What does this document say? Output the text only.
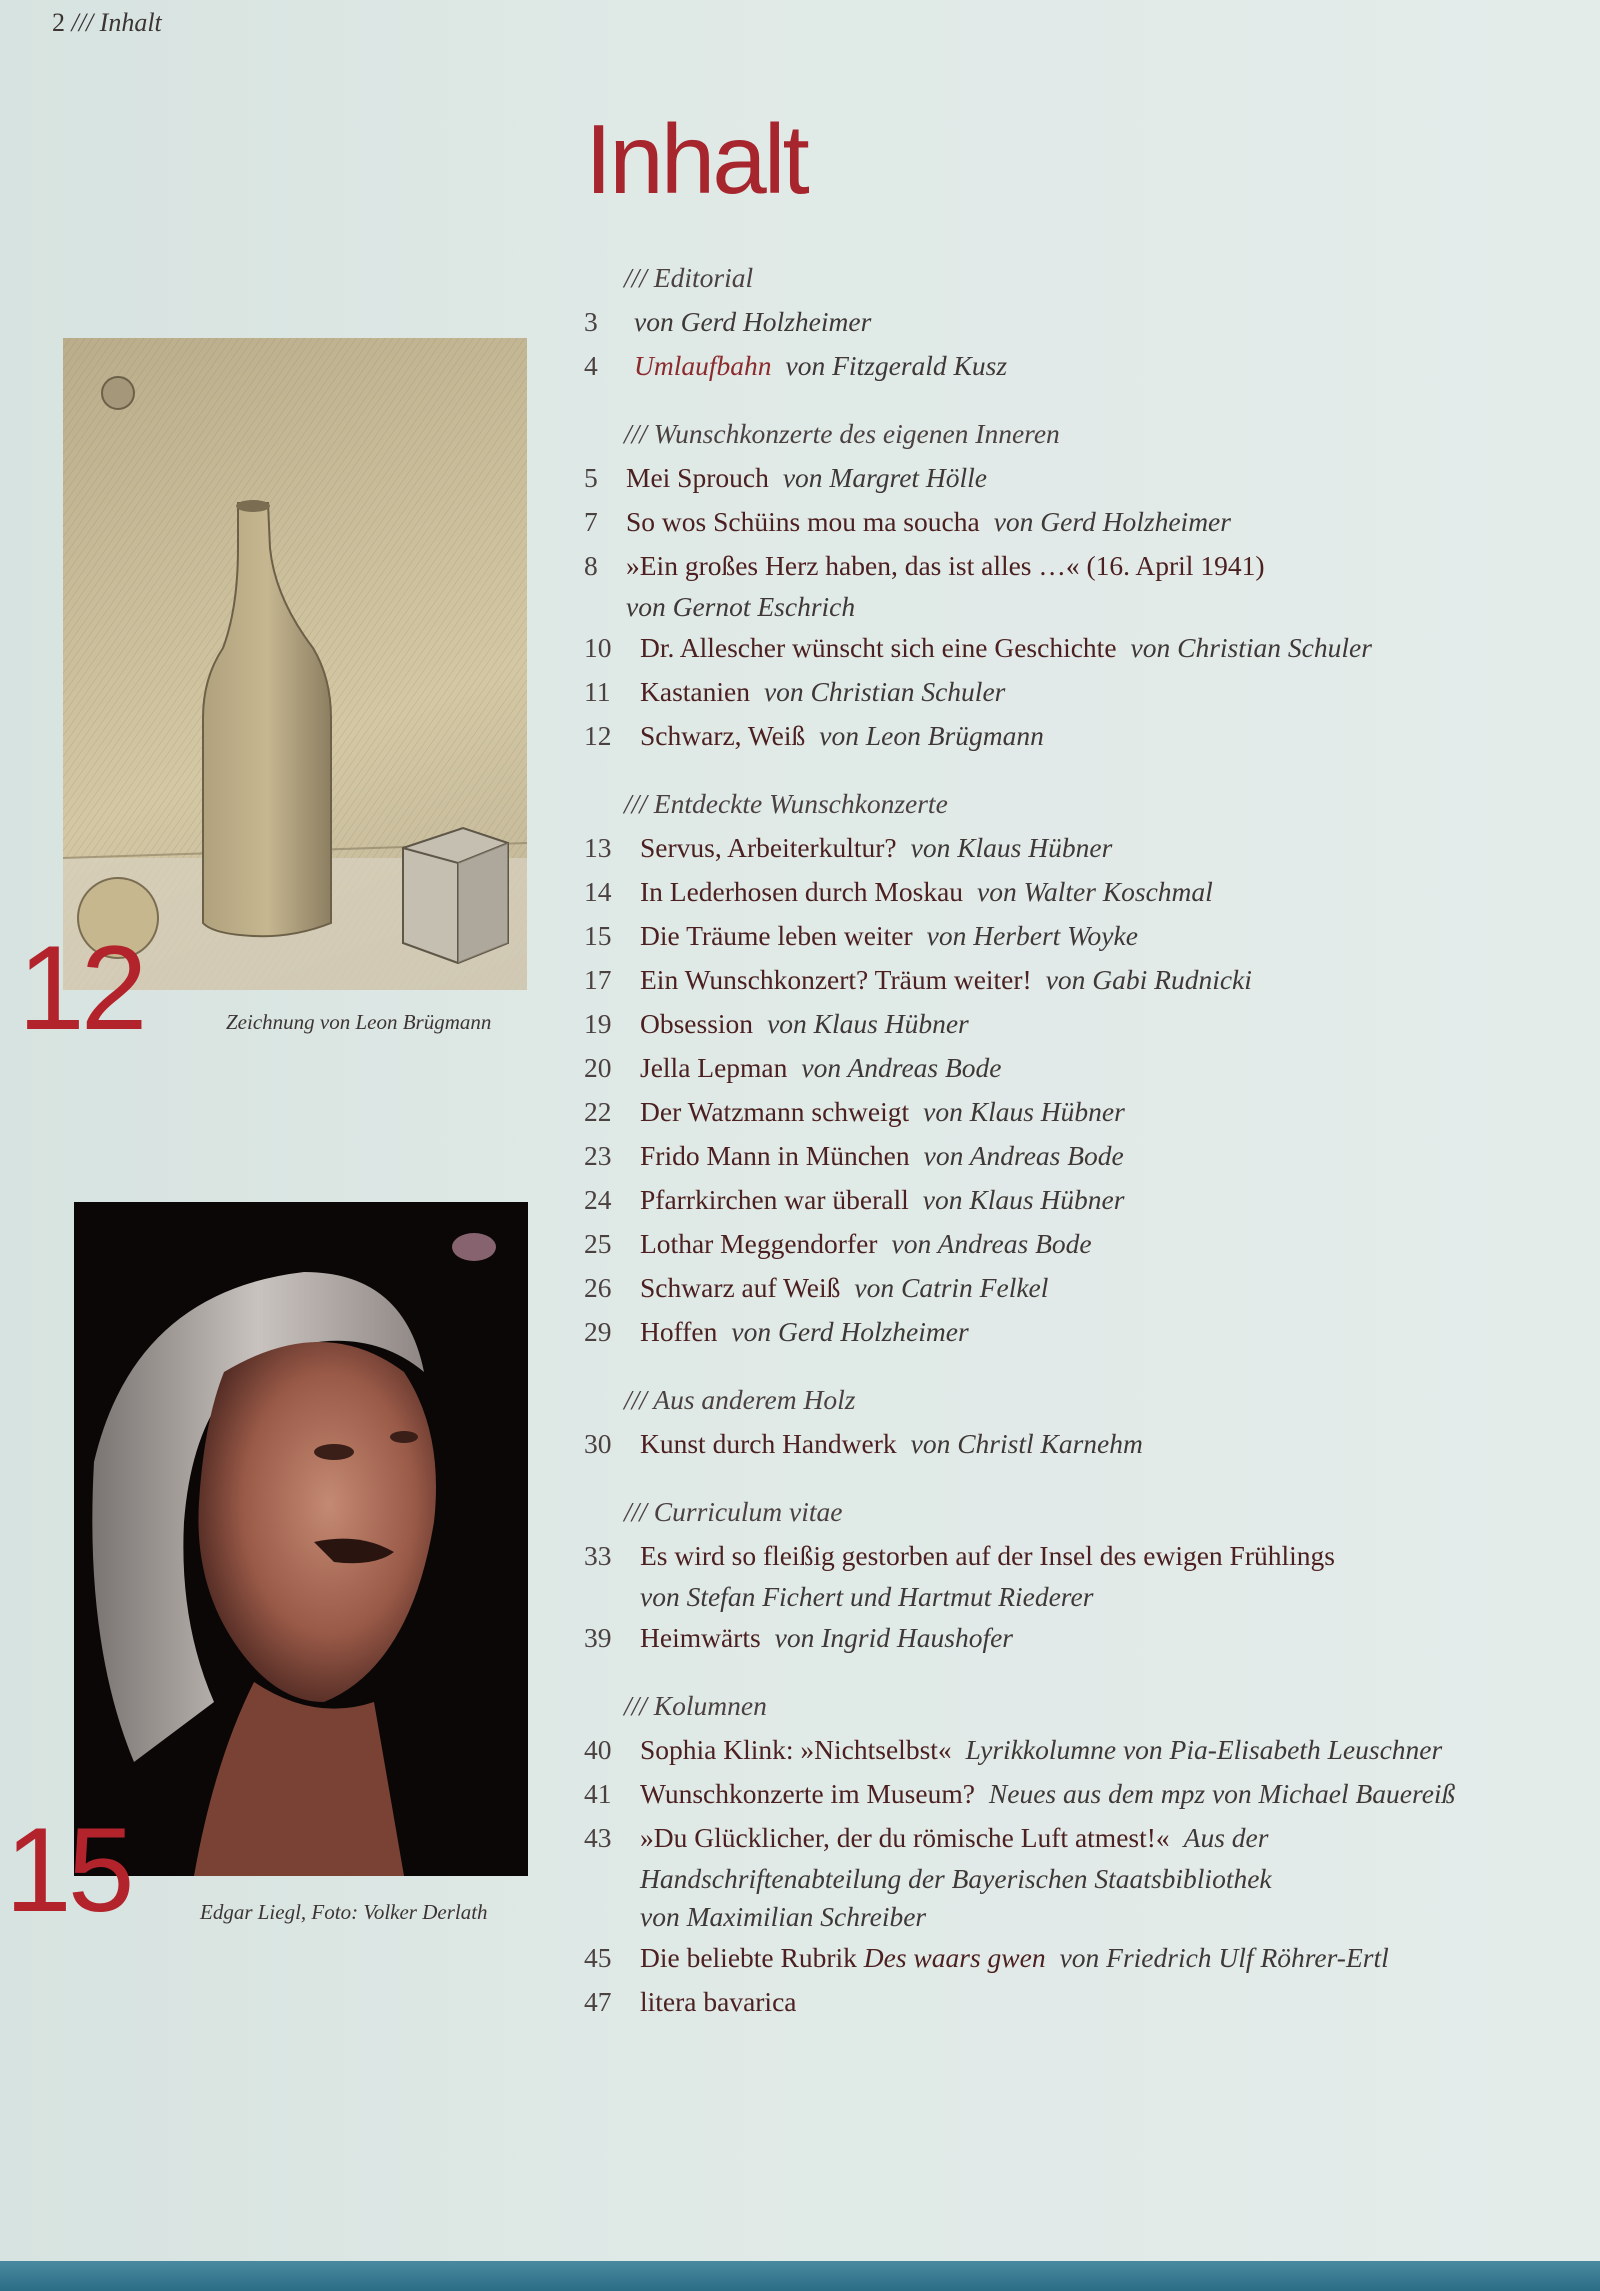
2 /// Inhalt
Inhalt
12	Zeichnung von Leon Brügmann
15	Edgar Liegl, Foto: Volker Derlath
/// Editorial
3	von Gerd Holzheimer
4	Umlaufbahn von Fitzgerald Kusz
/// Wunschkonzerte des eigenen Inneren
5	Mei Sprouch von Margret Hölle
7	So wos Schüins mou ma soucha von Gerd Holzheimer
8	»Ein großes Herz haben, das ist alles …« (16. April 1941)
von Gernot Eschrich
10	Dr. Allescher wünscht sich eine Geschichte von Christian Schuler
11	Kastanien von Christian Schuler
12	Schwarz, Weiß von Leon Brügmann
/// Entdeckte Wunschkonzerte
13	Servus, Arbeiterkultur? von Klaus Hübner
14	In Lederhosen durch Moskau von Walter Koschmal
15	Die Träume leben weiter von Herbert Woyke
17	Ein Wunschkonzert? Träum weiter! von Gabi Rudnicki
19	Obsession von Klaus Hübner
20	Jella Lepman von Andreas Bode
22	Der Watzmann schweigt von Klaus Hübner
23	Frido Mann in München von Andreas Bode
24	Pfarrkirchen war überall von Klaus Hübner
25	Lothar Meggendorfer von Andreas Bode
26	Schwarz auf Weiß von Catrin Felkel
29	Hoffen von Gerd Holzheimer
/// Aus anderem Holz
30	Kunst durch Handwerk von Christl Karnehm
/// Curriculum vitae
33	Es wird so fleißig gestorben auf der Insel des ewigen Frühlings
von Stefan Fichert und Hartmut Riederer
39	Heimwärts von Ingrid Haushofer
/// Kolumnen
40	Sophia Klink: »Nichtselbst« Lyrikkolumne von Pia-Elisabeth Leuschner
41	Wunschkonzerte im Museum? Neues aus dem mpz von Michael Bauereiß
43	»Du Glücklicher, der du römische Luft atmest!« Aus der
Handschriftenabteilung der Bayerischen Staatsbibliothek
von Maximilian Schreiber
45	Die beliebte Rubrik Des waars gwen von Friedrich Ulf Röhrer-Ertl
47	litera bavarica
